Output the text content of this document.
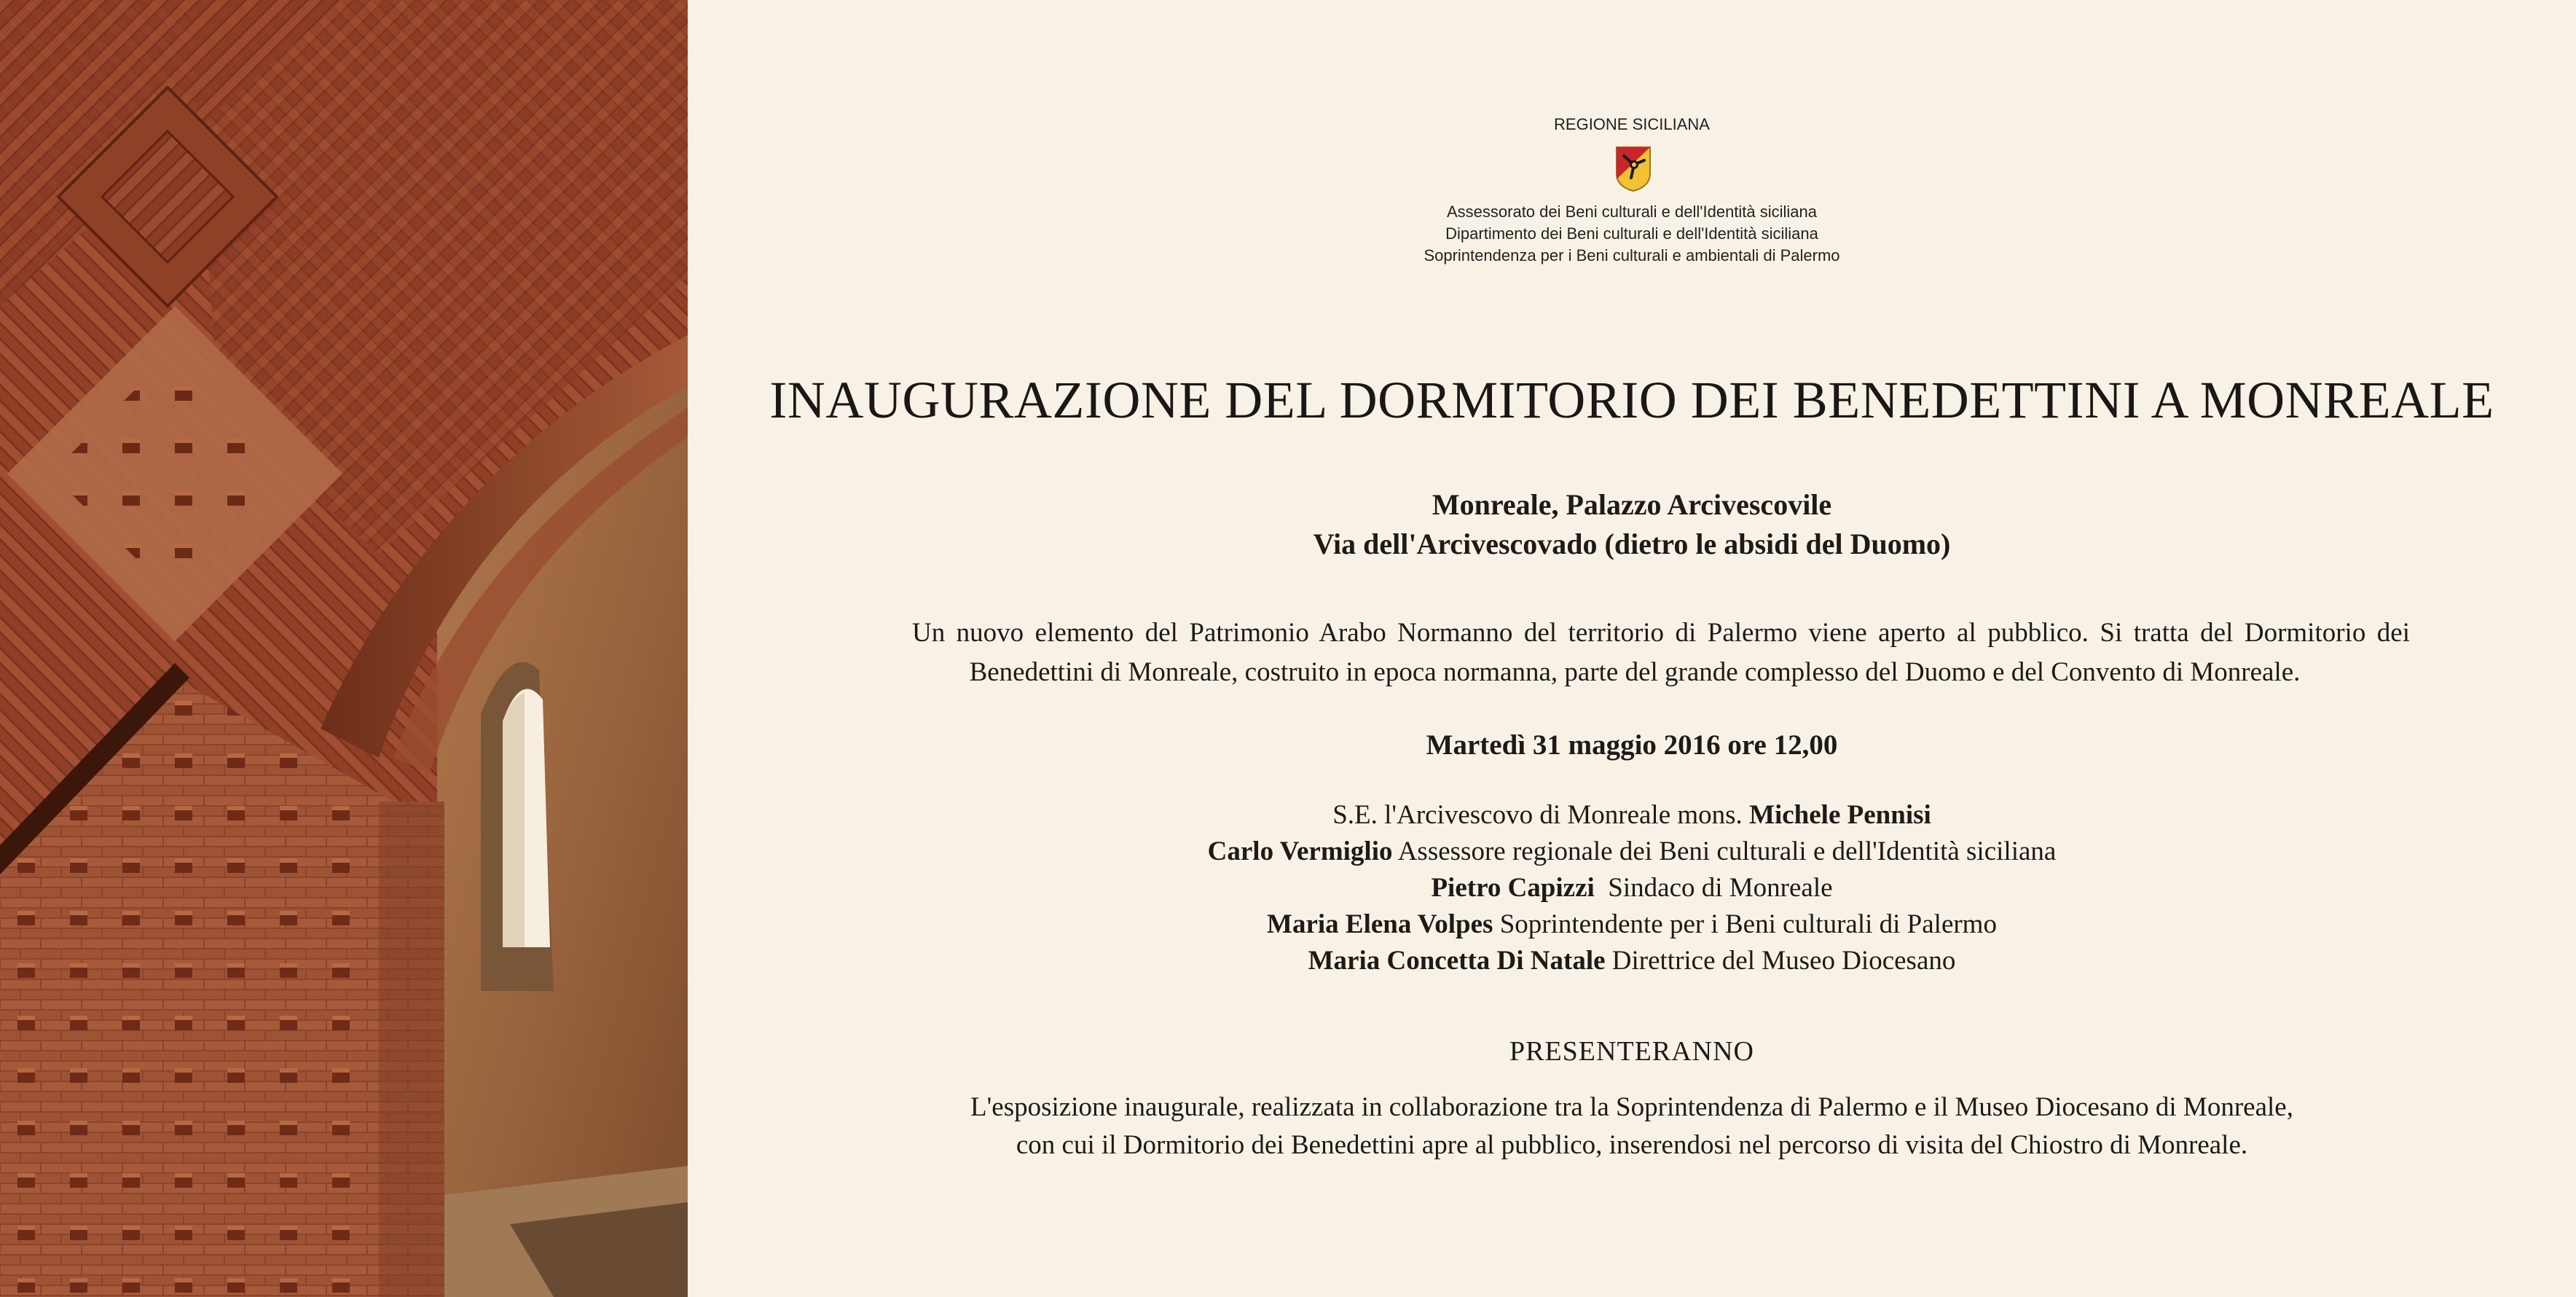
REGIONE SICILIANA
Assessorato dei Beni culturali e dell'Identità siciliana
Dipartimento dei Beni culturali e dell'Identità siciliana
Soprintendenza per i Beni culturali e ambientali di Palermo
INAUGURAZIONE DEL DORMITORIO DEI BENEDETTINI A MONREALE
Monreale, Palazzo Arcivescovile
Via dell'Arcivescovado (dietro le absidi del Duomo)
Un nuovo elemento del Patrimonio Arabo Normanno del territorio di Palermo viene aperto al pubblico. Si tratta del Dormitorio dei Benedettini di Monreale, costruito in epoca normanna, parte del grande complesso del Duomo e del Convento di Monreale.
Martedì 31 maggio 2016 ore 12,00
S.E. l'Arcivescovo di Monreale mons. Michele Pennisi
Carlo Vermiglio Assessore regionale dei Beni culturali e dell'Identità siciliana
Pietro Capizzi  Sindaco di Monreale
Maria Elena Volpes Soprintendente per i Beni culturali di Palermo
Maria Concetta Di Natale Direttrice del Museo Diocesano
PRESENTERANNO
L'esposizione inaugurale, realizzata in collaborazione tra la Soprintendenza di Palermo e il Museo Diocesano di Monreale,
con cui il Dormitorio dei Benedettini apre al pubblico, inserendosi nel percorso di visita del Chiostro di Monreale.
